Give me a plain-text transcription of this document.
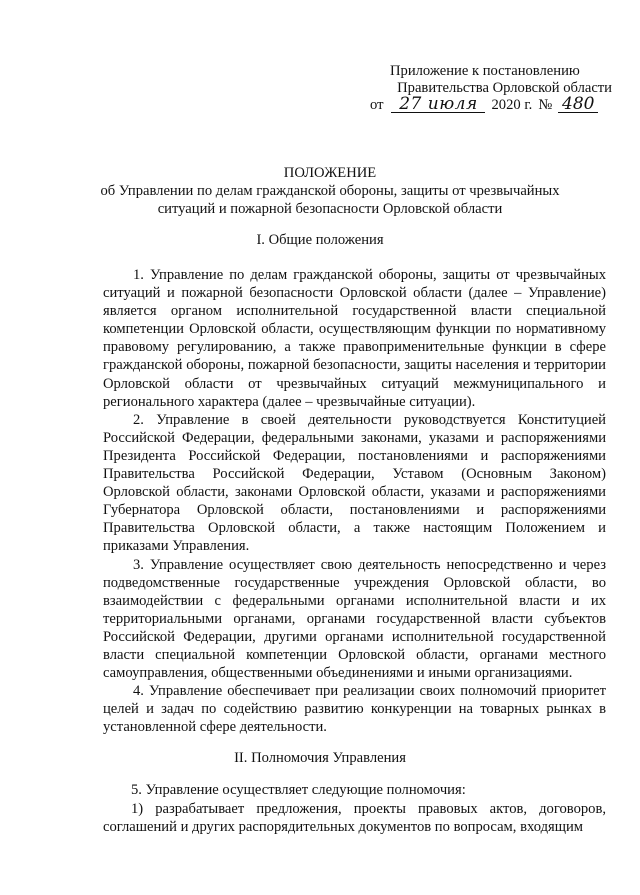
Приложение к постановлению
Правительства Орловской области
от 27 июля 2020 г. № 480
ПОЛОЖЕНИЕ
об Управлении по делам гражданской обороны, защиты от чрезвычайных
ситуаций и пожарной безопасности Орловской области
I. Общие положения

1. Управление по делам гражданской обороны, защиты от чрезвычайных ситуаций и пожарной безопасности Орловской области (далее – Управление) является органом исполнительной государственной власти специальной компетенции Орловской области, осуществляющим функции по нормативному правовому регулированию, а также правоприменительные функции в сфере гражданской обороны, пожарной безопасности, защиты населения и территории Орловской области от чрезвычайных ситуаций межмуниципального и регионального характера (далее – чрезвычайные ситуации).

2. Управление в своей деятельности руководствуется Конституцией Российской Федерации, федеральными законами, указами и распоряжениями Президента Российской Федерации, постановлениями и распоряжениями Правительства Российской Федерации, Уставом (Основным Законом) Орловской области, законами Орловской области, указами и распоряжениями Губернатора Орловской области, постановлениями и распоряжениями Правительства Орловской области, а также настоящим Положением и приказами Управления.

3. Управление осуществляет свою деятельность непосредственно и через подведомственные государственные учреждения Орловской области, во взаимодействии с федеральными органами исполнительной власти и их территориальными органами, органами государственной власти субъектов Российской Федерации, другими органами исполнительной государственной власти специальной компетенции Орловской области, органами местного самоуправления, общественными объединениями и иными организациями.

4. Управление обеспечивает при реализации своих полномочий приоритет целей и задач по содействию развитию конкуренции на товарных рынках в установленной сфере деятельности.

II. Полномочия Управления

5. Управление осуществляет следующие полномочия:

1) разрабатывает предложения, проекты правовых актов, договоров, соглашений и других распорядительных документов по вопросам, входящим
